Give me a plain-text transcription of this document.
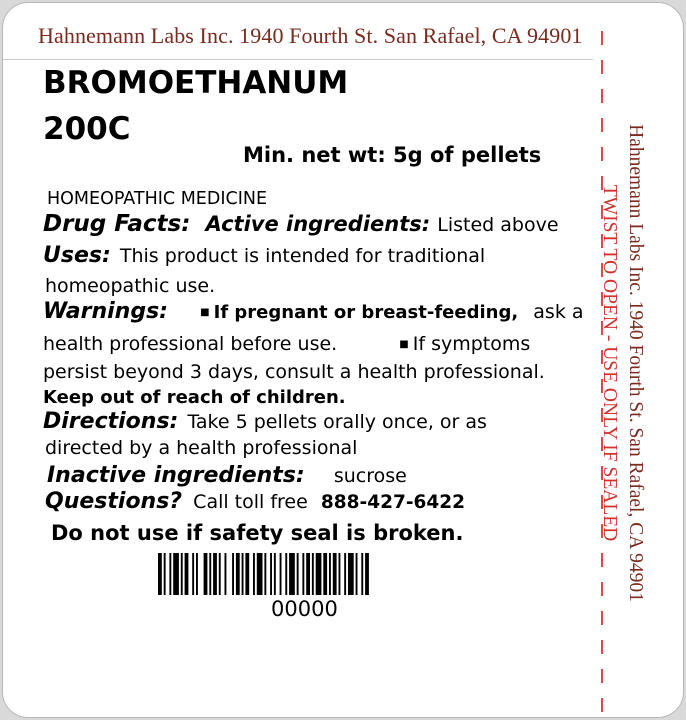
Hahnemann Labs Inc. 1940 Fourth St. San Rafael, CA 94901
BROMOETHANUM
200C
Min. net wt: 5g of pellets
HOMEOPATHIC MEDICINE
Drug Facts: Active ingredients: Listed above
Uses: This product is intended for traditional
homeopathic use.
Warnings:	■ If pregnant or breast-feeding, ask a
health professional before use.	■ If symptoms
persist beyond 3 days, consult a health professional.
Keep out of reach of children.
Directions: Take 5 pellets orally once, or as
directed by a health professional
Inactive ingredients: sucrose
Questions? Call toll free 888-427-6422
Do not use if safety seal is broken.
00000
Hahnemann Labs Inc. 1940 Fourth St. San Rafael, CA 94901
TWIST TO OPEN - USE ONLY IF SEALED
